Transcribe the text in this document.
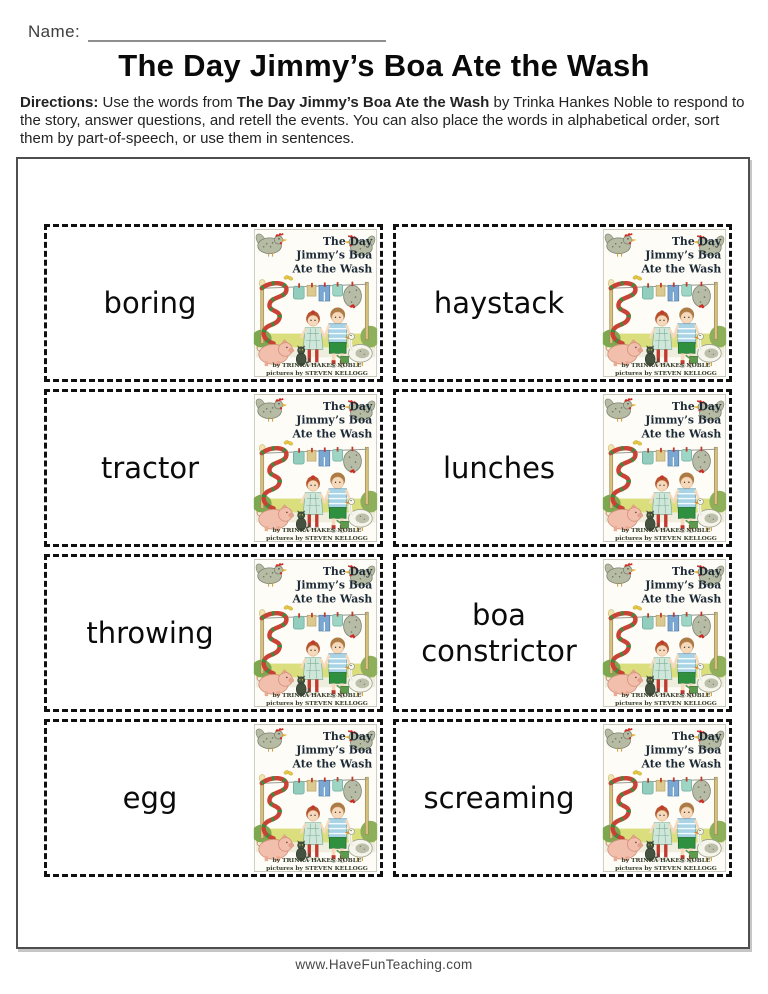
Name:
The Day Jimmy’s Boa Ate the Wash

Directions: Use the words from The Day Jimmy’s Boa Ate the Wash by Trinka Hankes Noble to respond to the story, answer questions, and retell the events. You can also place the words in alphabetical order, sort them by part-of-speech, or use them in sentences.

boring	haystack
tractor	lunches
throwing
boa constrictor
egg	screaming
www.HaveFunTeaching.com
